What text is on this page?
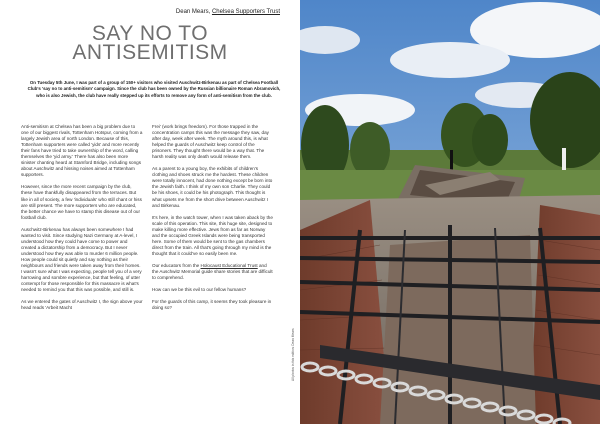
Dean Mears, Chelsea Supporters Trust
SAY NO TO
ANTISEMITISM
On Tuesday 5th June, I was part of a group of 150+ visitors who visited Auschwitz-Birkenau as part of Chelsea Football Club's 'say no to anti-semitism' campaign. Since the club has been owned by the Russian billionaire Roman Abramovich, who is also Jewish, the club have really stepped up its efforts to remove any form of anti-semitism from the club.

Anti-semitism at Chelsea has been a big problem due to one of our biggest rivals, Tottenham Hotspur, coming from a largely Jewish area of north London. Because of this, Tottenham supporters were called 'yids' and more recently their fans have tried to take ownership of the word, calling themselves the 'yid army.' There has also been more sinister chanting heard at Stamford Bridge, including songs about Auschwitz and hissing noises aimed at Tottenham supporters.

However, since the more recent campaign by the club, these have thankfully disappeared from the terraces. But like in all of society, a few 'individuals' who still chant or hiss are still present. The more supporters who are educated, the better chance we have to stamp this disease out of our football club.

Auschwitz-Birkenau has always been somewhere I had wanted to visit. Since studying Nazi Germany at A-level, I understood how they could have come to power and created a dictatorship from a democracy. But I never understood how they was able to murder 6 million people. How people could sit quietly and say nothing as their neighbours and friends were taken away from their homes. I wasn't sure what I was expecting, people tell you of a very harrowing and sombre experience, but that feeling, of utter contempt for those responsible for this massacre is what's needed to remind you that this was possible, and still is.

As we entered the gates of Auschwitz I, the sign above your head reads 'Arbeit Macht

Frei' (work brings freedom). For those trapped in the concentration camps this was the message they saw, day after day, week after week. The myth around this, is what helped the guards of Auschwitz keep control of the prisoners. They thought there would be a way that. The harsh reality was only death would release them.

As a parent to a young boy, the exhibits of children's clothing and shoes struck me the hardest. These children were totally innocent, had done nothing except be born into the Jewish faith. I think of my own son Charlie. They could be his shoes, it could be his photograph. This thought is what upsets me from the short drive between Auschwitz I and Birkenau.

It's here, in the watch tower, when I was taken aback by the scale of this operation. This site, this huge site, designed to make killing more effective. Jews from as far as Norway and the occupied Greek Islands were being transported here. Some of them would be sent to the gas chambers direct from the train. All that's going through my mind is the thought that it could've so easily been me.

Our educators from the Holocaust Educational Trust and the Auschwitz Memorial guide share stories that are difficult to comprehend.

How can we be this evil to our fellow humans?

For the guards of this camp, it seems they took pleasure in doing so?

All photos in this edition: Dean Mears
